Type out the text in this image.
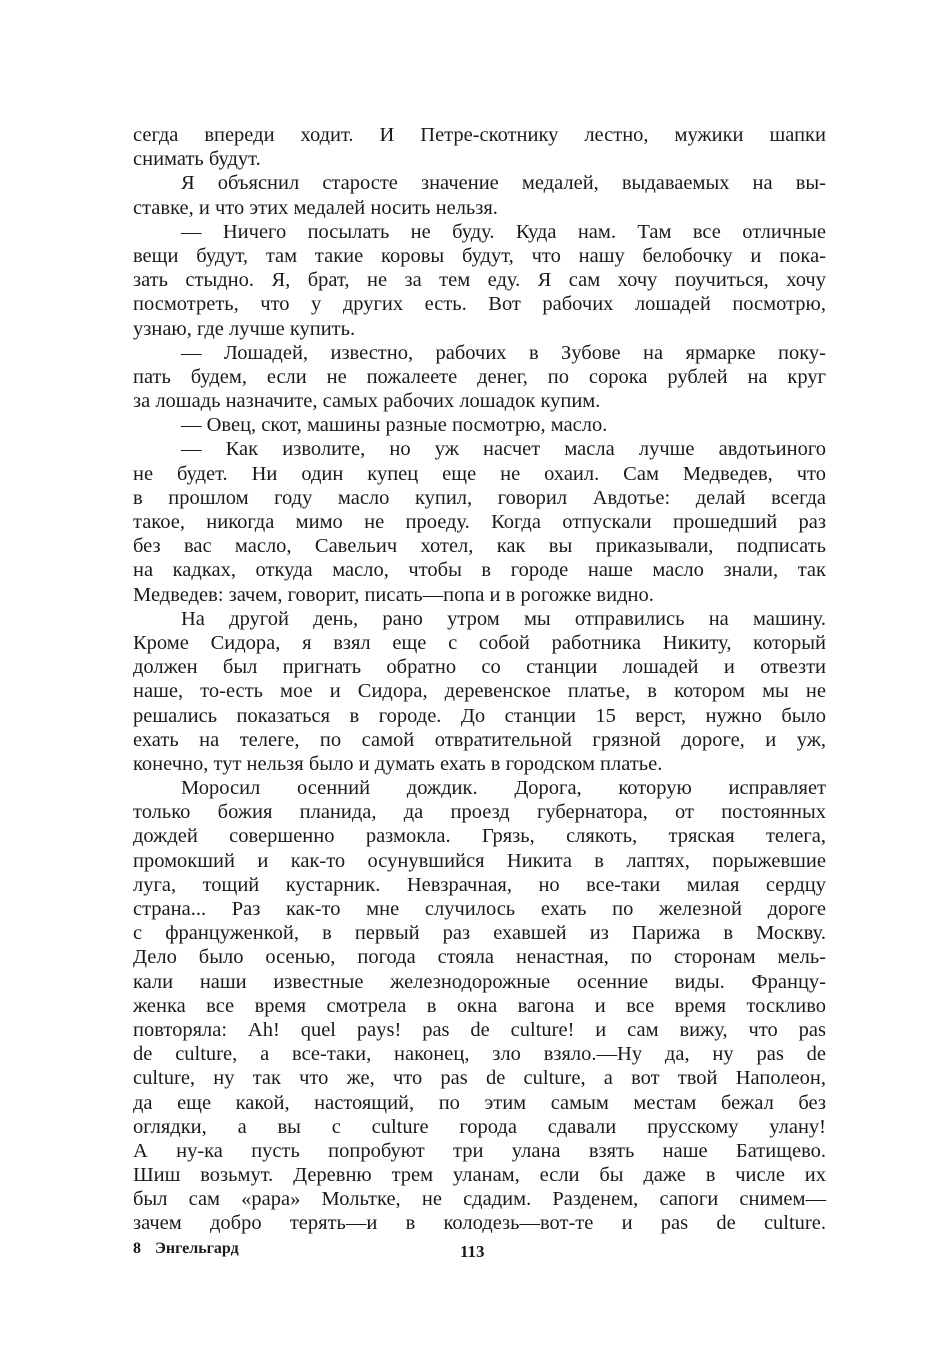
сегда впереди ходит. И Петре-скотнику лестно, мужики шапки
снимать будут.
Я объяснил старосте значение медалей, выдаваемых на вы-
ставке, и что этих медалей носить нельзя.
— Ничего посылать не буду. Куда нам. Там все отличные
вещи будут, там такие коровы будут, что нашу белобочку и пока-
зать стыдно. Я, брат, не за тем еду. Я сам хочу поучиться, хочу
посмотреть, что у других есть. Вот рабочих лошадей посмотрю,
узнаю, где лучше купить.
— Лошадей, известно, рабочих в Зубове на ярмарке поку-
пать будем, если не пожалеете денег, по сорока рублей на круг
за лошадь назначите, самых рабочих лошадок купим.
— Овец, скот, машины разные посмотрю, масло.
— Как изволите, но уж насчет масла лучше авдотьиного
не будет. Ни один купец еще не охаил. Сам Медведев, что
в прошлом году масло купил, говорил Авдотье: делай всегда
такое, никогда мимо не проеду. Когда отпускали прошедший раз
без вас масло, Савельич хотел, как вы приказывали, подписать
на кадках, откуда масло, чтобы в городе наше масло знали, так
Медведев: зачем, говорит, писать—попа и в рогожке видно.
На другой день, рано утром мы отправились на машину.
Кроме Сидора, я взял еще с собой работника Никиту, который
должен был пригнать обратно со станции лошадей и отвезти
наше, то-есть мое и Сидора, деревенское платье, в котором мы не
решались показаться в городе. До станции 15 верст, нужно было
ехать на телеге, по самой отвратительной грязной дороге, и уж,
конечно, тут нельзя было и думать ехать в городском платье.
Моросил осенний дождик. Дорога, которую исправляет
только божия планида, да проезд губернатора, от постоянных
дождей совершенно размокла. Грязь, слякоть, тряская телега,
промокший и как-то осунувшийся Никита в лаптях, порыжевшие
луга, тощий кустарник. Невзрачная, но все-таки милая сердцу
страна... Раз как-то мне случилось ехать по железной дороге
с француженкой, в первый раз ехавшей из Парижа в Москву.
Дело было осенью, погода стояла ненастная, по сторонам мель-
кали наши известные железнодорожные осенние виды. Францу-
женка все время смотрела в окна вагона и все время тоскливо
повторяла: Ah! quel pays! pas de culture! и сам вижу, что pas
de culture, а все-таки, наконец, зло взяло.—Ну да, ну pas de
culture, ну так что же, что pas de culture, а вот твой Наполеон,
да еще какой, настоящий, по этим самым местам бежал без
оглядки, а вы с culture города сдавали прусскому улану!
А ну-ка пусть попробуют три улана взять наше Батищево.
Шиш возьмут. Деревню трем уланам, если бы даже в числе их
был сам «papa» Мольтке, не сдадим. Разденем, сапоги снимем—
зачем добро терять—и в колодезь—вот-те и pas de culture.
8 Энгельгард	113
